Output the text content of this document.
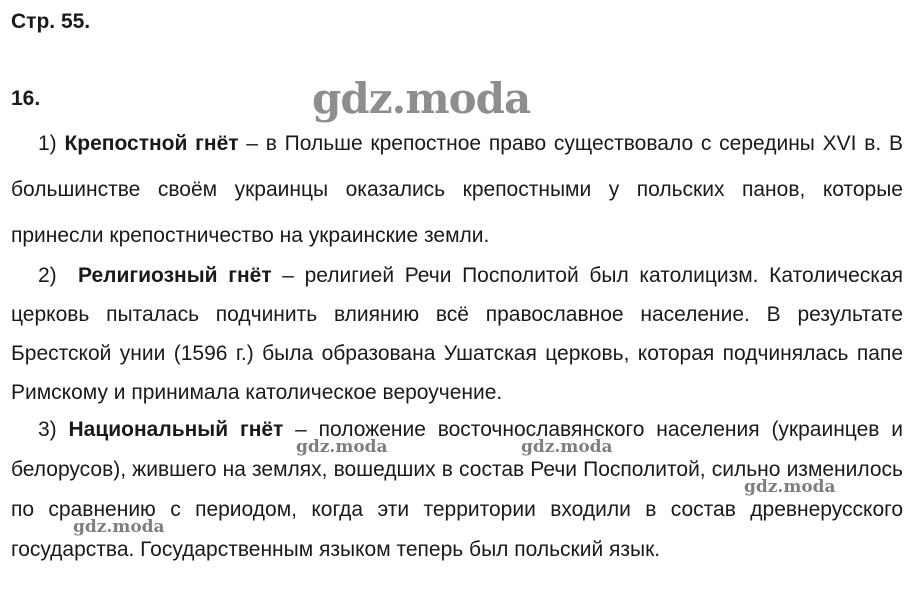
Стр. 55.
16.

1) Крепостной гнёт – в Польше крепостное право существовало с середины XVI в. В большинстве своём украинцы оказались крепостными у польских панов, которые принесли крепостничество на украинские земли.

2) Религиозный гнёт – религией Речи Посполитой был католицизм. Католическая церковь пыталась подчинить влиянию всё православное население. В результате Брестской унии (1596 г.) была образована Ушатская церковь, которая подчинялась папе Римскому и принимала католическое вероучение.

3) Национальный гнёт – положение восточнославянского населения (украинцев и белорусов), жившего на землях, вошедших в состав Речи Посполитой, сильно изменилось по сравнению с периодом, когда эти территории входили в состав древнерусского государства. Государственным языком теперь был польский язык.

gdz.moda
gdz.moda	gdz.moda
gdz.moda
gdz.moda
